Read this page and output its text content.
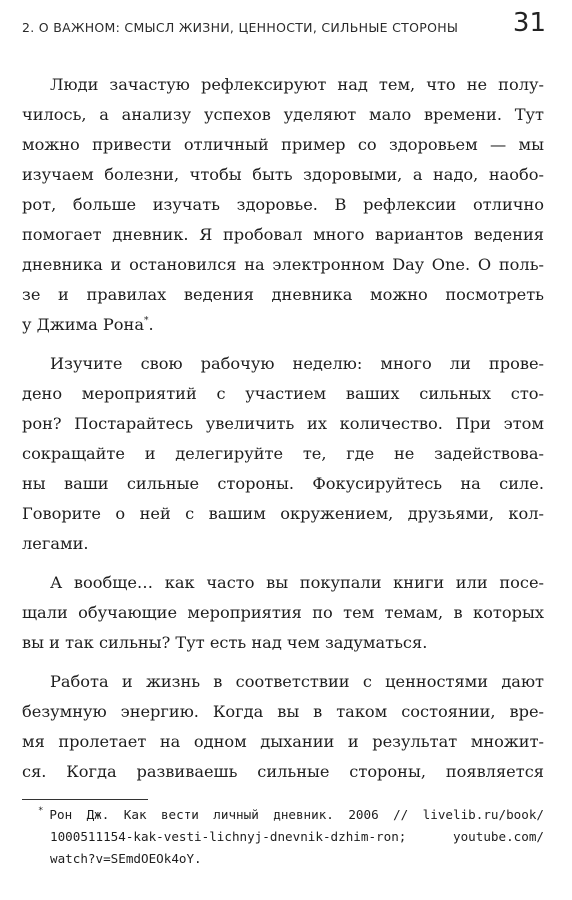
2. О ВАЖНОМ: СМЫСЛ ЖИЗНИ, ЦЕННОСТИ, СИЛЬНЫЕ СТОРОНЫ 31
Люди зачастую рефлексируют над тем, что не полу-
чилось, а анализу успехов уделяют мало времени. Тут
можно привести отличный пример со здоровьем — мы
изучаем болезни, чтобы быть здоровыми, а надо, наобо-
рот, больше изучать здоровье. В рефлексии отлично
помогает дневник. Я пробовал много вариантов ведения
дневника и остановился на электронном Day One. О поль-
зе и правилах ведения дневника можно посмотреть
у Джима Рона*.
Изучите свою рабочую неделю: много ли прове-
дено мероприятий с участием ваших сильных сто-
рон? Постарайтесь увеличить их количество. При этом
сокращайте и делегируйте те, где не задействова-
ны ваши сильные стороны. Фокусируйтесь на силе.
Говорите о ней с вашим окружением, друзьями, кол-
легами.
А вообще… как часто вы покупали книги или посе-
щали обучающие мероприятия по тем темам, в которых
вы и так сильны? Тут есть над чем задуматься.
Работа и жизнь в соответствии с ценностями дают
безумную энергию. Когда вы в таком состоянии, вре-
мя пролетает на одном дыхании и результат множит-
ся. Когда развиваешь сильные стороны, появляется
* Рон Дж. Как вести личный дневник. 2006 // livelib.ru/book/
1000511154-kak-vesti-lichnyj-dnevnik-dzhim-ron; youtube.com/
watch?v=SEmdOEOk4oY.
